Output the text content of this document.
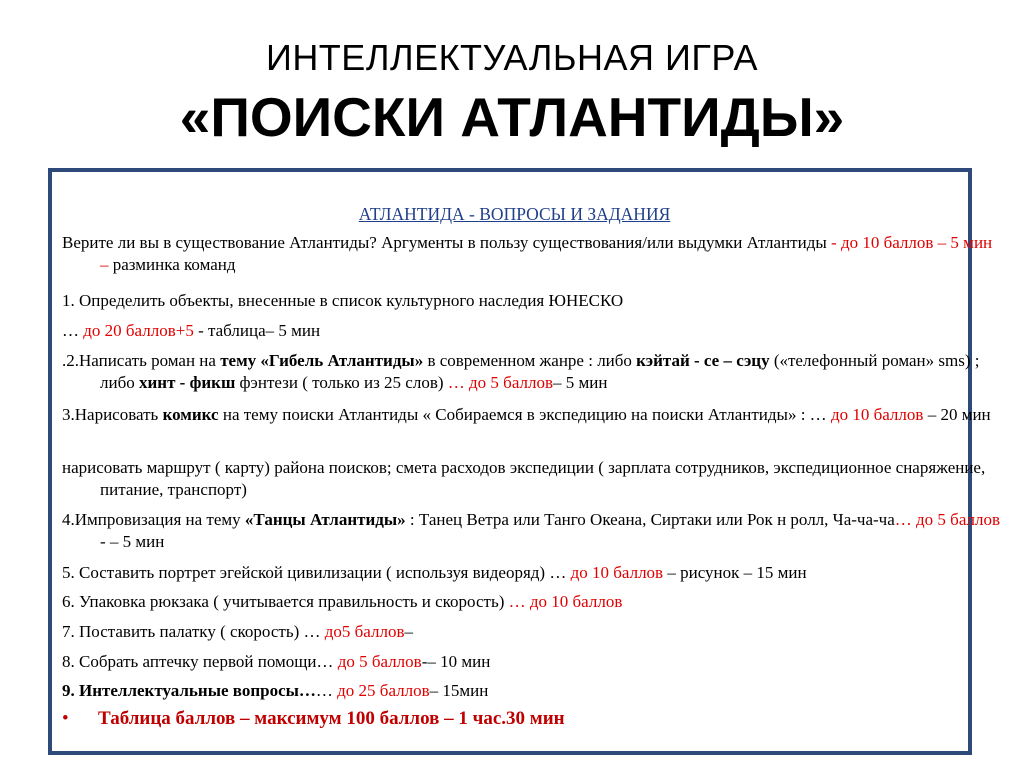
ИНТЕЛЛЕКТУАЛЬНАЯ ИГРА
«ПОИСКИ АТЛАНТИДЫ»
АТЛАНТИДА - ВОПРОСЫ И ЗАДАНИЯ
Верите ли вы в существование Атлантиды? Аргументы в пользу существования/или выдумки Атлантиды - до 10 баллов – 5 мин – разминка команд
1. Определить объекты, внесенные в список культурного наследия ЮНЕСКО
… до 20 баллов+5 - таблица– 5 мин
.2.Написать роман на тему «Гибель Атлантиды» в современном жанре : либо кэйтай - се – сэцу («телефонный роман» sms) ; либо хинт - фикш фэнтези ( только из 25 слов) … до 5 баллов– 5 мин
3.Нарисовать комикс на тему поиски Атлантиды « Собираемся в экспедицию на поиски Атлантиды» : … до 10 баллов – 20 мин
нарисовать маршрут ( карту) района поисков; смета расходов экспедиции ( зарплата сотрудников, экспедиционное снаряжение, питание, транспорт)
4.Импровизация на тему «Танцы Атлантиды» : Танец Ветра или Танго Океана, Сиртаки или Рок н ролл, Ча-ча-ча… до 5 баллов - – 5 мин
5. Составить портрет эгейской цивилизации ( используя видеоряд) … до 10 баллов – рисунок – 15 мин
6. Упаковка рюкзака ( учитывается правильность и скорость) … до 10 баллов
7. Поставить палатку ( скорость) … до5 баллов–
8. Собрать аптечку первой помощи… до 5 баллов-– 10 мин
9. Интеллектуальные вопросы…… до 25 баллов– 15мин
• Таблица баллов – максимум 100 баллов – 1 час.30 мин
